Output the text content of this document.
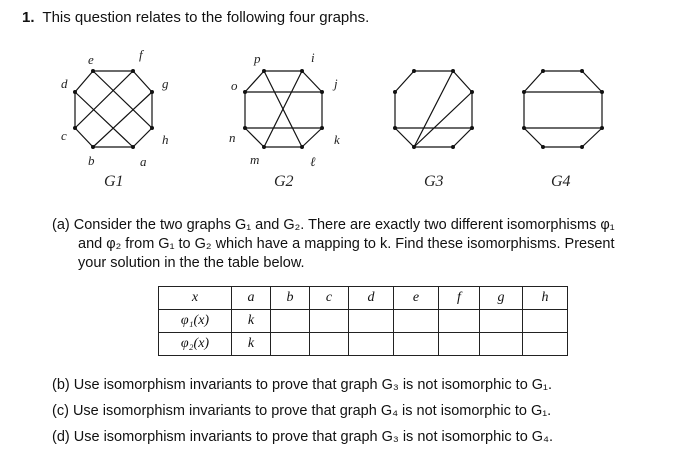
1. This question relates to the following four graphs.
a
b
c
d
e	f
g
h
G1
i
j
k
ℓ
m
n
o
p
G2	G3	G4
(a) Consider the two graphs G₁ and G₂. There are exactly two different isomorphisms φ₁
and φ₂ from G₁ to G₂ which have a mapping to k. Find these isomorphisms. Present
your solution in the the table below.
x	a	b	c	d	e	f	g	h
φ₁(x)	k							
φ₂(x)	k							
(b) Use isomorphism invariants to prove that graph G₃ is not isomorphic to G₁.
(c) Use isomorphism invariants to prove that graph G₄ is not isomorphic to G₁.
(d) Use isomorphism invariants to prove that graph G₃ is not isomorphic to G₄.
